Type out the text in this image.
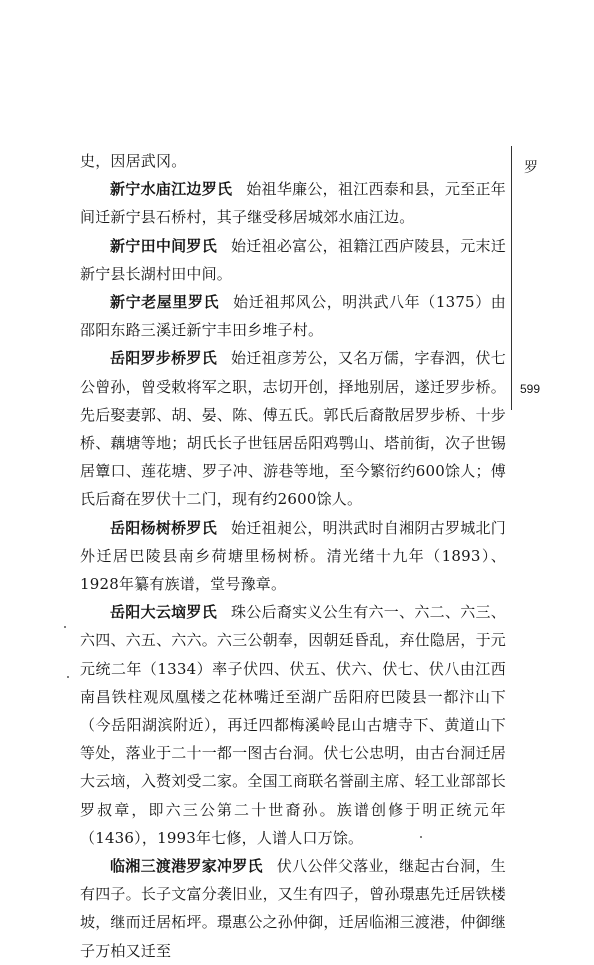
史，因居武冈。

新宁水庙江边罗氏 始祖华廉公，祖江西泰和县，元至正年间迁新宁县石桥村，其子继受移居城郊水庙江边。

新宁田中间罗氏 始迁祖必富公，祖籍江西庐陵县，元末迁新宁县长湖村田中间。

新宁老屋里罗氏 始迁祖邦风公，明洪武八年（1375）由邵阳东路三溪迁新宁丰田乡堆子村。

岳阳罗步桥罗氏 始迁祖彦芳公，又名万儒，字春泗，伏七公曾孙，曾受敕将军之职，志切开创，择地别居，遂迁罗步桥。先后娶妻郭、胡、晏、陈、傅五氏。郭氏后裔散居罗步桥、十步桥、藕塘等地；胡氏长子世钰居岳阳鸡鹗山、塔前街，次子世锡居簟口、莲花塘、罗子冲、游巷等地，至今繁衍约600馀人；傅氏后裔在罗伏十二门，现有约2600馀人。

岳阳杨树桥罗氏 始迁祖昶公，明洪武时自湘阴古罗城北门外迁居巴陵县南乡荷塘里杨树桥。清光绪十九年（1893）、1928年纂有族谱，堂号豫章。

岳阳大云垴罗氏 珠公后裔实义公生有六一、六二、六三、六四、六五、六六。六三公朝奉，因朝廷昏乱，弃仕隐居，于元元统二年（1334）率子伏四、伏五、伏六、伏七、伏八由江西南昌铁柱观凤凰楼之花林嘴迁至湖广岳阳府巴陵县一都汴山下（今岳阳湖滨附近），再迁四都梅溪岭昆山古塘寺下、黄道山下等处，落业于二十一都一图古台洞。伏七公忠明，由古台洞迁居大云垴，入赘刘受二家。全国工商联名誉副主席、轻工业部部长罗叔章，即六三公第二十世裔孙。族谱创修于明正统元年（1436），1993年七修，人谱人口万馀。

临湘三渡港罗家冲罗氏 伏八公伴父落业，继起古台洞，生有四子。长子文富分袭旧业，又生有四子，曾孙璟惠先迁居铁楼坡，继而迁居柘坪。璟惠公之孙仲御，迁居临湘三渡港，仲御继子万柏又迁至

罗
599
